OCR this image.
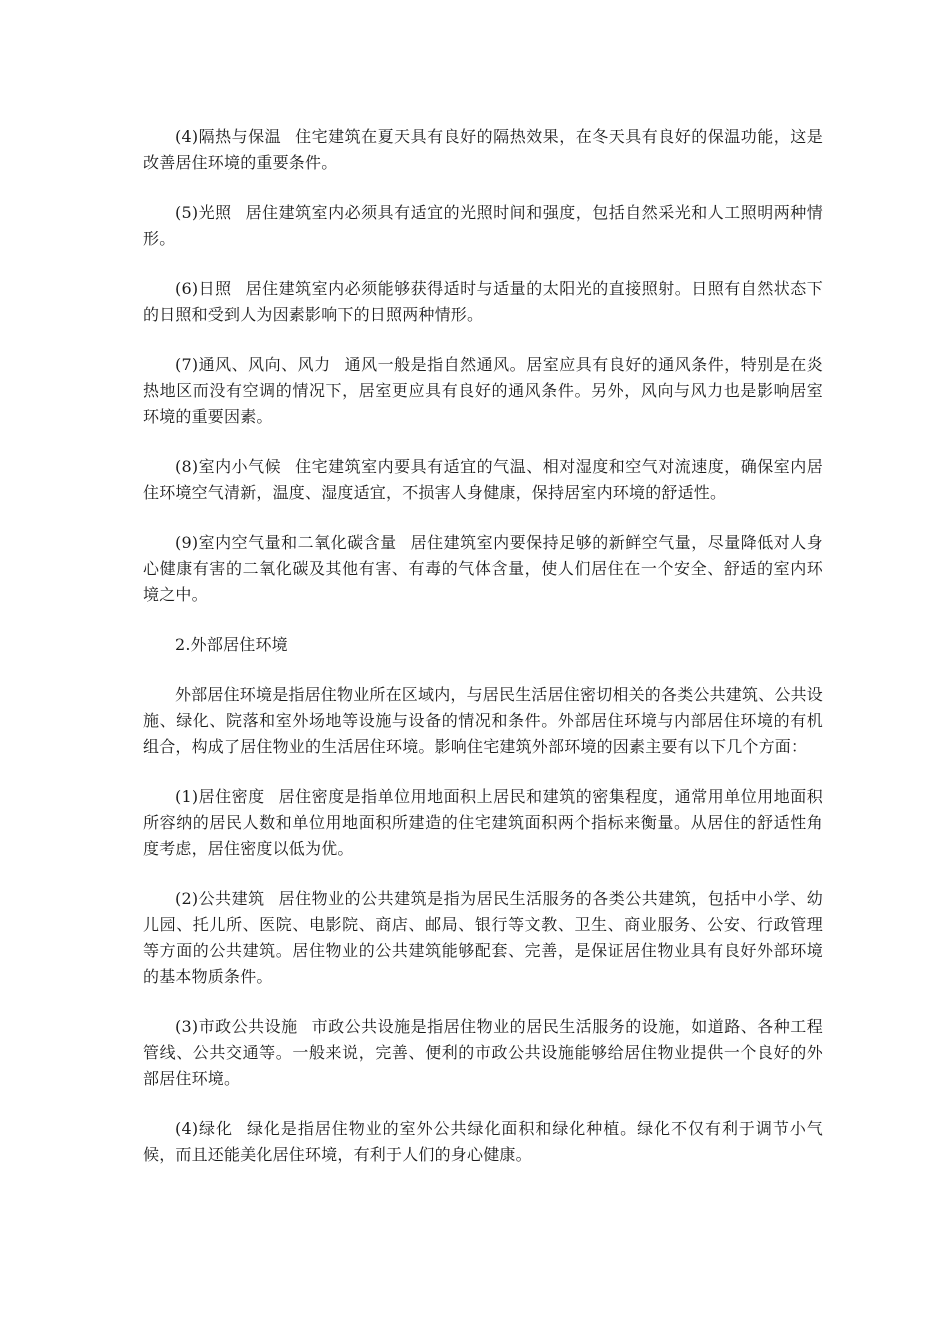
(4)隔热与保温 住宅建筑在夏天具有良好的隔热效果，在冬天具有良好的保温功能，这是改善居住环境的重要条件。

(5)光照 居住建筑室内必须具有适宜的光照时间和强度，包括自然采光和人工照明两种情形。

(6)日照 居住建筑室内必须能够获得适时与适量的太阳光的直接照射。日照有自然状态下的日照和受到人为因素影响下的日照两种情形。

(7)通风、风向、风力 通风一般是指自然通风。居室应具有良好的通风条件，特别是在炎热地区而没有空调的情况下，居室更应具有良好的通风条件。另外，风向与风力也是影响居室环境的重要因素。

(8)室内小气候 住宅建筑室内要具有适宜的气温、相对湿度和空气对流速度，确保室内居住环境空气清新，温度、湿度适宜，不损害人身健康，保持居室内环境的舒适性。

(9)室内空气量和二氧化碳含量 居住建筑室内要保持足够的新鲜空气量，尽量降低对人身心健康有害的二氧化碳及其他有害、有毒的气体含量，使人们居住在一个安全、舒适的室内环境之中。

2.外部居住环境

外部居住环境是指居住物业所在区域内，与居民生活居住密切相关的各类公共建筑、公共设施、绿化、院落和室外场地等设施与设备的情况和条件。外部居住环境与内部居住环境的有机组合，构成了居住物业的生活居住环境。影响住宅建筑外部环境的因素主要有以下几个方面：

(1)居住密度 居住密度是指单位用地面积上居民和建筑的密集程度，通常用单位用地面积所容纳的居民人数和单位用地面积所建造的住宅建筑面积两个指标来衡量。从居住的舒适性角度考虑，居住密度以低为优。

(2)公共建筑 居住物业的公共建筑是指为居民生活服务的各类公共建筑，包括中小学、幼儿园、托儿所、医院、电影院、商店、邮局、银行等文教、卫生、商业服务、公安、行政管理等方面的公共建筑。居住物业的公共建筑能够配套、完善，是保证居住物业具有良好外部环境的基本物质条件。

(3)市政公共设施 市政公共设施是指居住物业的居民生活服务的设施，如道路、各种工程管线、公共交通等。一般来说，完善、便利的市政公共设施能够给居住物业提供一个良好的外部居住环境。

(4)绿化 绿化是指居住物业的室外公共绿化面积和绿化种植。绿化不仅有利于调节小气候，而且还能美化居住环境，有利于人们的身心健康。
